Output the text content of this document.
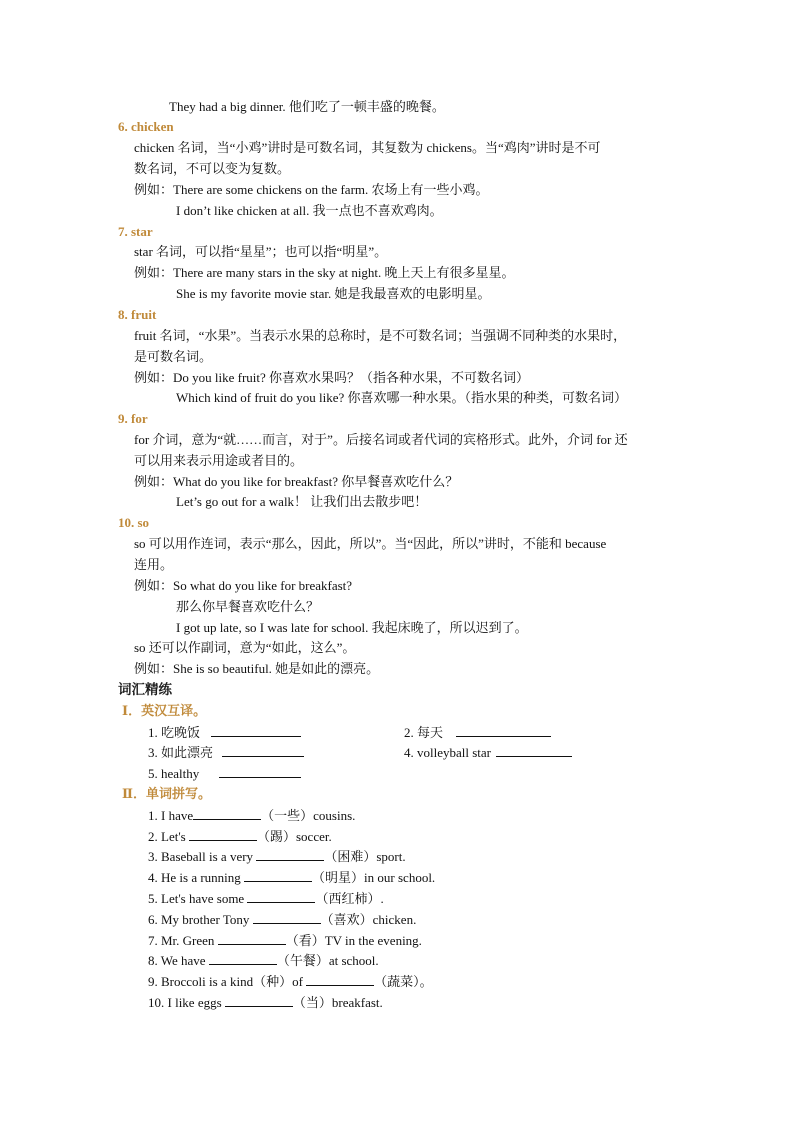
They had a big dinner. 他们吃了一顿丰盛的晚餐。
6. chicken
chicken 名词，当“小鸡”讲时是可数名词，其复数为 chickens。当“鸡肉”讲时是不可
数名词，不可以变为复数。
例如：There are some chickens on the farm. 农场上有一些小鸡。
I don’t like chicken at all. 我一点也不喜欢鸡肉。
7. star
star 名词，可以指“星星”；也可以指“明星”。
例如：There are many stars in the sky at night. 晚上天上有很多星星。
She is my favorite movie star. 她是我最喜欢的电影明星。
8. fruit
fruit 名词，“水果”。当表示水果的总称时，是不可数名词；当强调不同种类的水果时，
是可数名词。
例如：Do you like fruit? 你喜欢水果吗？（指各种水果，不可数名词）
Which kind of fruit do you like? 你喜欢哪一种水果。（指水果的种类，可数名词）
9. for
for 介词，意为“就……而言，对于”。后接名词或者代词的宾格形式。此外，介词 for 还
可以用来表示用途或者目的。
例如：What do you like for breakfast? 你早餐喜欢吃什么？
Let’s go out for a walk！ 让我们出去散步吧！
10. so
so 可以用作连词，表示“那么，因此，所以”。当“因此，所以”讲时，不能和 because
连用。
例如：So what do you like for breakfast?
那么你早餐喜欢吃什么？
I got up late, so I was late for school. 我起床晚了，所以迟到了。
so 还可以作副词，意为“如此，这么”。
例如：She is so beautiful. 她是如此的漂亮。
词汇精练
Ⅰ．英汉互译。
1. 吃晚饭	2. 每天
3. 如此漂亮	4. volleyball star
5. healthy
Ⅱ．单词拼写。
1. I have	（一些）cousins.
2. Let's	（踢）soccer.
3. Baseball is a very	（困难）sport.
4. He is a running	（明星）in our school.
5. Let's have some	（西红柿）.
6. My brother Tony	（喜欢）chicken.
7. Mr. Green	（看）TV in the evening.
8. We have	（午餐）at school.
9. Broccoli is a kind（种）of	（蔬菜）。
10. I like eggs	（当）breakfast.
